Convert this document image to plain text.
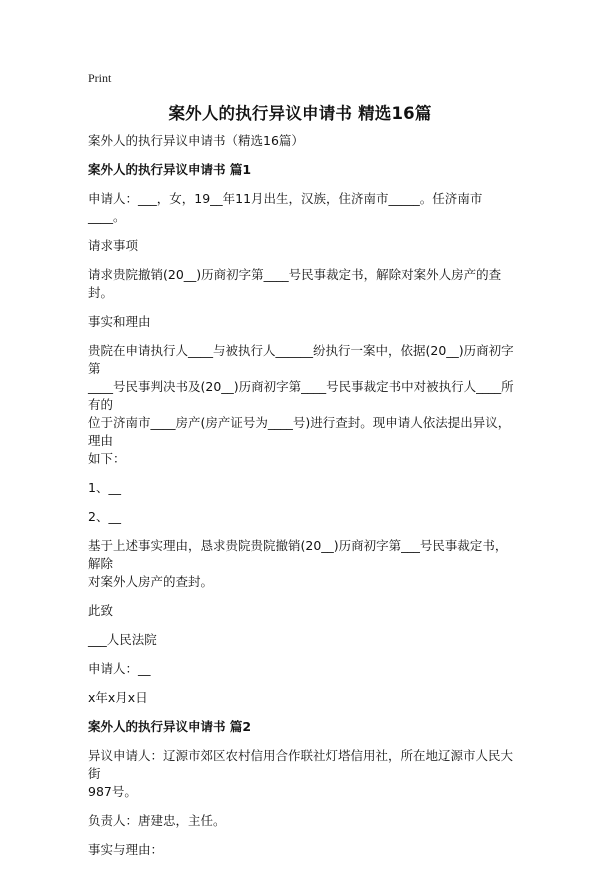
Print
案外人的执行异议申请书 精选16篇

案外人的执行异议申请书（精选16篇）

案外人的执行异议申请书 篇1

申请人：___，女，19__年11月出生，汉族，住济南市_____。任济南市____。

请求事项

请求贵院撤销(20__)历商初字第____号民事裁定书，解除对案外人房产的查封。

事实和理由

贵院在申请执行人____与被执行人______纷执行一案中，依据(20__)历商初字第

____号民事判决书及(20__)历商初字第____号民事裁定书中对被执行人____所有的

位于济南市____房产(房产证号为____号)进行查封。现申请人依法提出异议，理由

如下：

1、__

2、__

基于上述事实理由，恳求贵院贵院撤销(20__)历商初字第___号民事裁定书，解除

对案外人房产的查封。

此致

___人民法院

申请人：__

x年x月x日

案外人的执行异议申请书 篇2

异议申请人：辽源市郊区农村信用合作联社灯塔信用社，所在地辽源市人民大街

987号。

负责人：唐建忠，主任。

事实与理由：
